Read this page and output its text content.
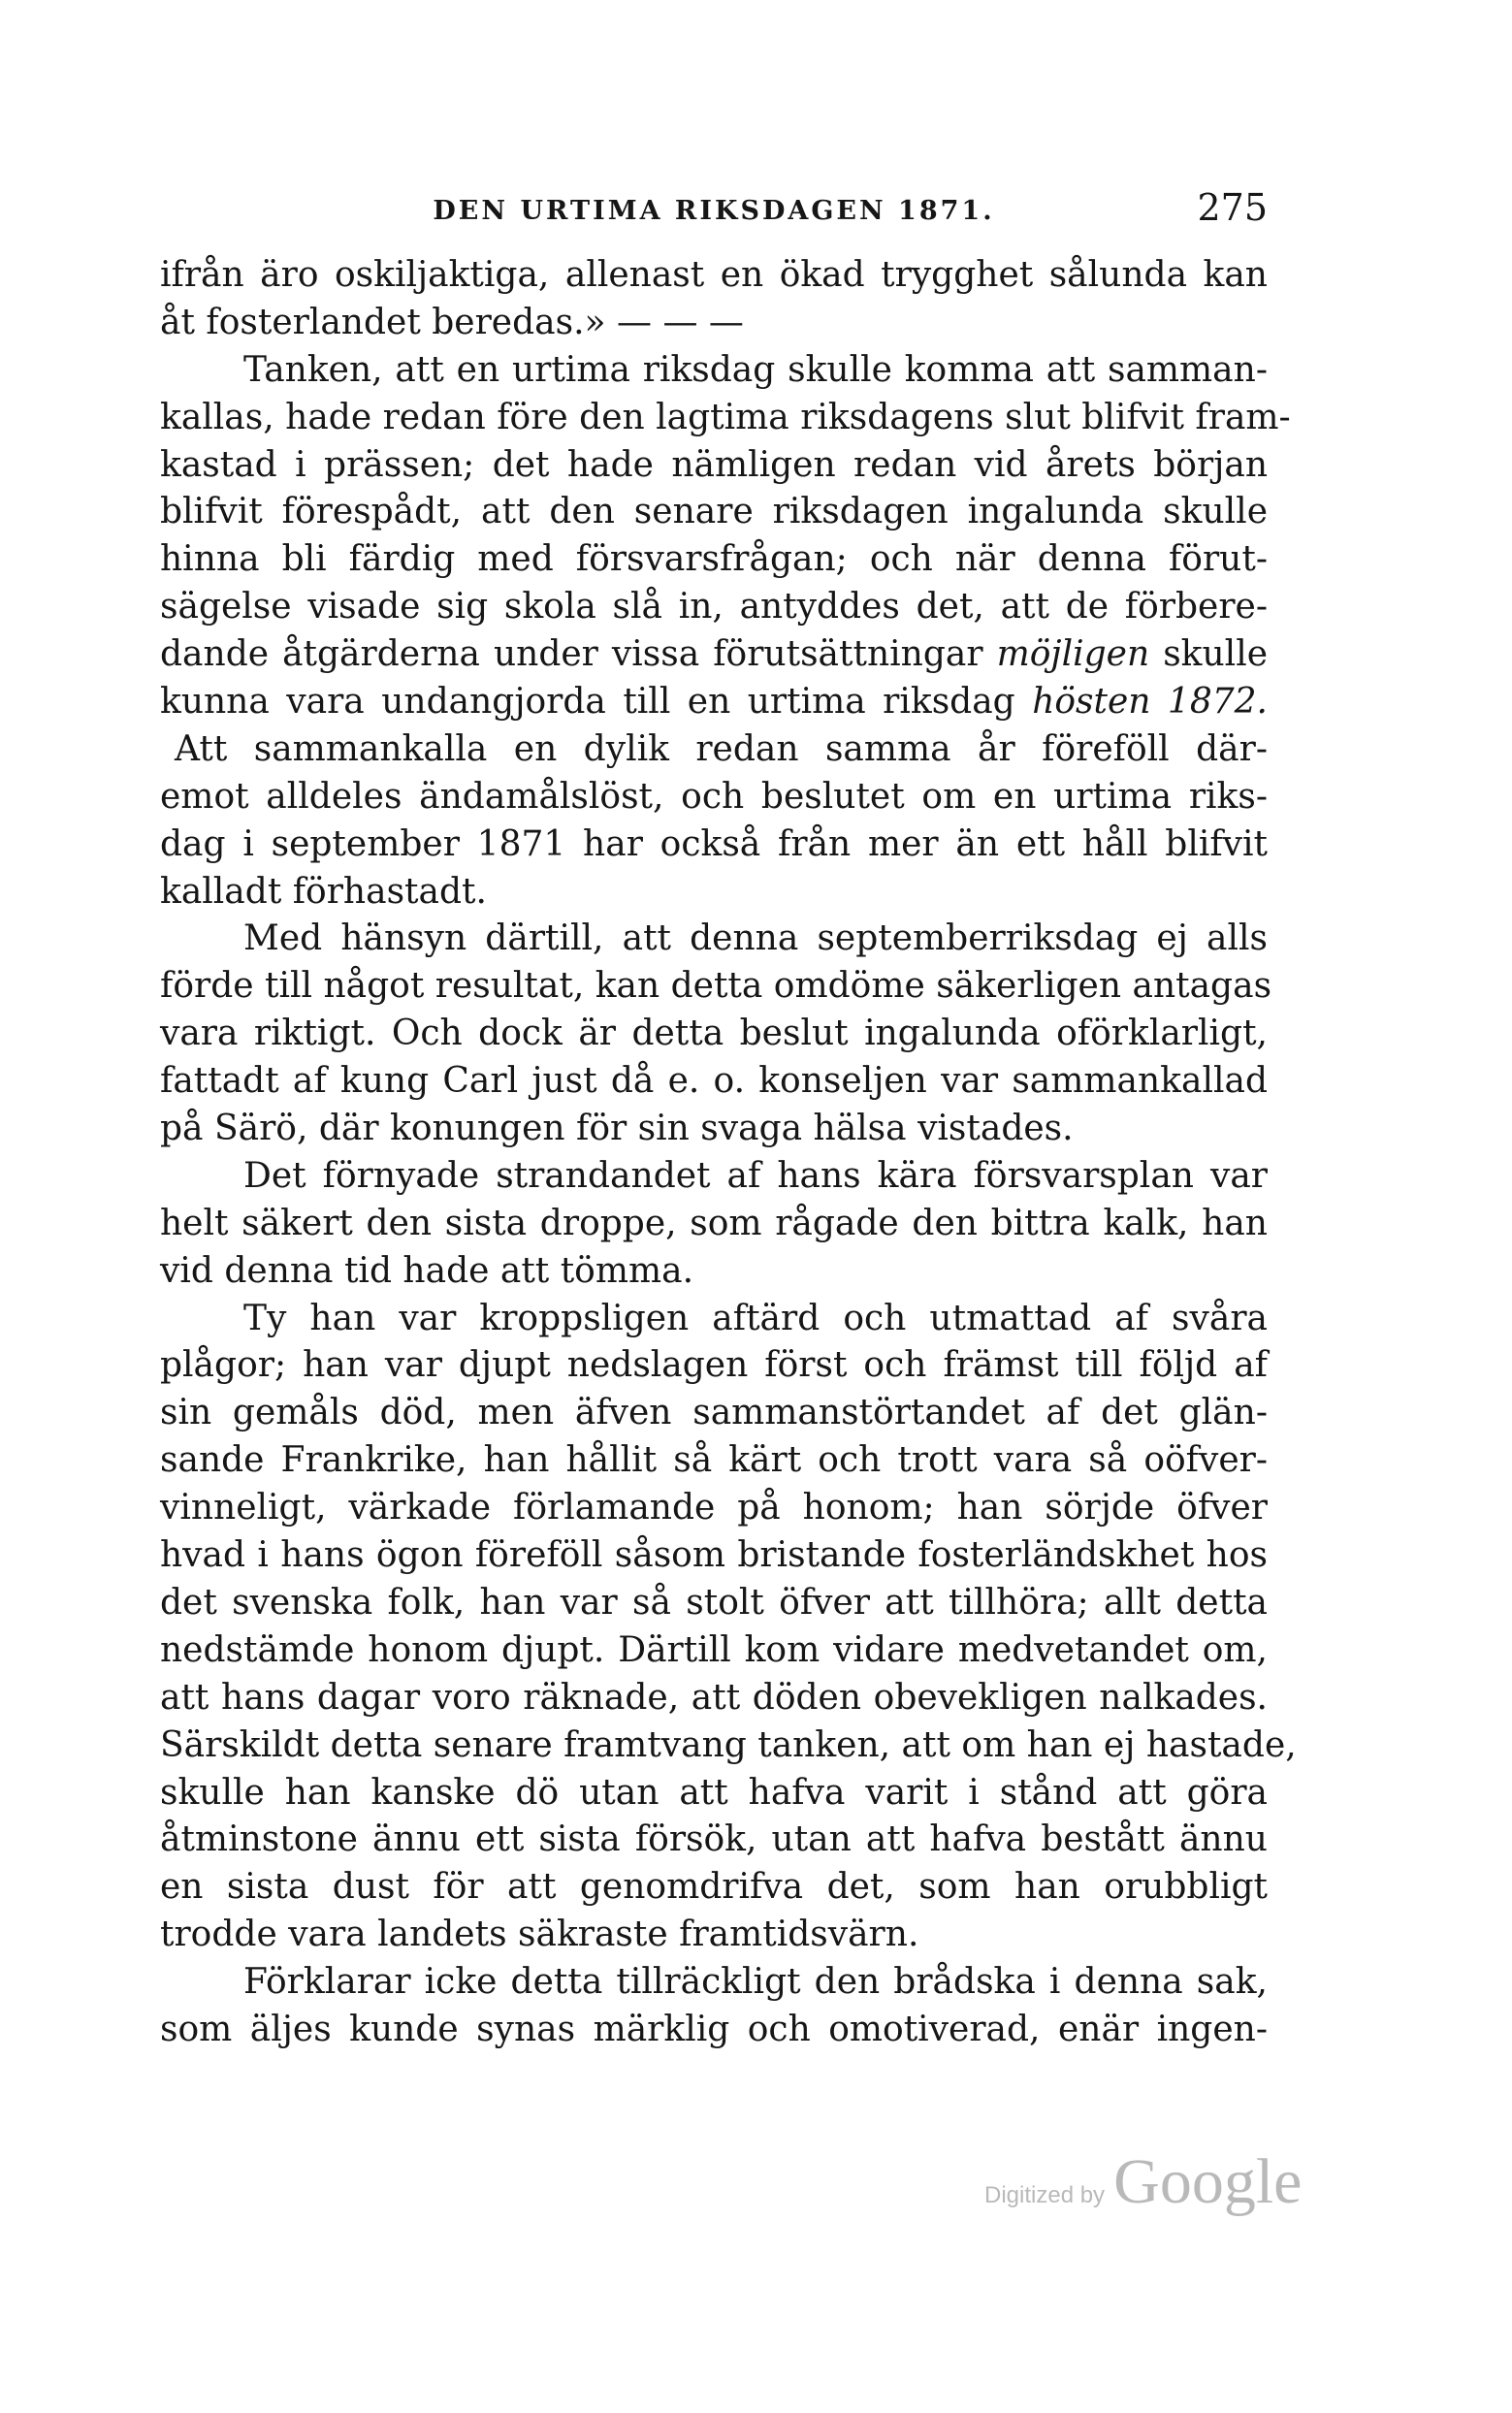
DEN URTIMA RIKSDAGEN 1871.	275
ifrån äro oskiljaktiga, allenast en ökad trygghet sålunda kan
åt fosterlandet beredas.» — — —
Tanken, att en urtima riksdag skulle komma att samman-
kallas, hade redan före den lagtima riksdagens slut blifvit fram-
kastad i prässen; det hade nämligen redan vid årets början
blifvit förespådt, att den senare riksdagen ingalunda skulle
hinna bli färdig med försvarsfrågan; och när denna förut-
sägelse visade sig skola slå in, antyddes det, att de förbere-
dande åtgärderna under vissa förutsättningar möjligen skulle
kunna vara undangjorda till en urtima riksdag hösten 1872.
Att sammankalla en dylik redan samma år föreföll där-
emot alldeles ändamålslöst, och beslutet om en urtima riks-
dag i september 1871 har också från mer än ett håll blifvit
kalladt förhastadt.
Med hänsyn därtill, att denna septemberriksdag ej alls
förde till något resultat, kan detta omdöme säkerligen antagas
vara riktigt. Och dock är detta beslut ingalunda oförklarligt,
fattadt af kung Carl just då e. o. konseljen var sammankallad
på Särö, där konungen för sin svaga hälsa vistades.
Det förnyade strandandet af hans kära försvarsplan var
helt säkert den sista droppe, som rågade den bittra kalk, han
vid denna tid hade att tömma.
Ty han var kroppsligen aftärd och utmattad af svåra
plågor; han var djupt nedslagen först och främst till följd af
sin gemåls död, men äfven sammanstörtandet af det glän-
sande Frankrike, han hållit så kärt och trott vara så oöfver-
vinneligt, värkade förlamande på honom; han sörjde öfver
hvad i hans ögon föreföll såsom bristande fosterländskhet hos
det svenska folk, han var så stolt öfver att tillhöra; allt detta
nedstämde honom djupt. Därtill kom vidare medvetandet om,
att hans dagar voro räknade, att döden obevekligen nalkades.
Särskildt detta senare framtvang tanken, att om han ej hastade,
skulle han kanske dö utan att hafva varit i stånd att göra
åtminstone ännu ett sista försök, utan att hafva bestått ännu
en sista dust för att genomdrifva det, som han orubbligt
trodde vara landets säkraste framtidsvärn.
Förklarar icke detta tillräckligt den brådska i denna sak,
som äljes kunde synas märklig och omotiverad, enär ingen-
Digitized by Google
